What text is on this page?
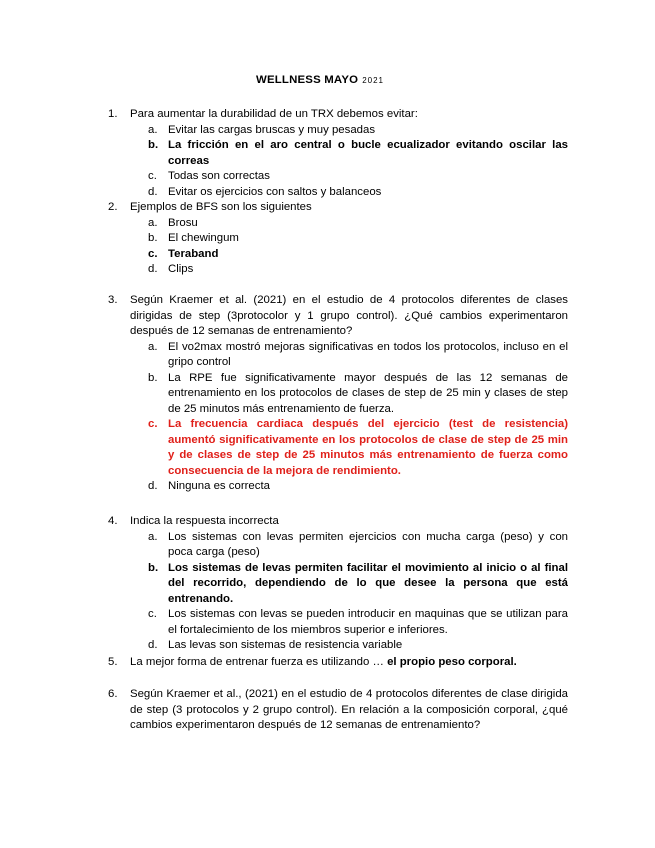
WELLNESS MAYO 2021
1. Para aumentar la durabilidad de un TRX debemos evitar:
a. Evitar las cargas bruscas y muy pesadas
b. La fricción en el aro central o bucle ecualizador evitando oscilar las correas
c. Todas son correctas
d. Evitar os ejercicios con saltos y balanceos
2. Ejemplos de BFS son los siguientes
a. Brosu
b. El chewingum
c. Teraband
d. Clips
3. Según Kraemer et al. (2021) en el estudio de 4 protocolos diferentes de clases dirigidas de step (3protocolor y 1 grupo control). ¿Qué cambios experimentaron después de 12 semanas de entrenamiento?
a. El vo2max mostró mejoras significativas en todos los protocolos, incluso en el gripo control
b. La RPE fue significativamente mayor después de las 12 semanas de entrenamiento en los protocolos de clases de step de 25 min y clases de step de 25 minutos más entrenamiento de fuerza.
c. La frecuencia cardiaca después del ejercicio (test de resistencia) aumentó significativamente en los protocolos de clase de step de 25 min y de clases de step de 25 minutos más entrenamiento de fuerza como consecuencia de la mejora de rendimiento.
d. Ninguna es correcta
4. Indica la respuesta incorrecta
a. Los sistemas con levas permiten ejercicios con mucha carga (peso) y con poca carga (peso)
b. Los sistemas de levas permiten facilitar el movimiento al inicio o al final del recorrido, dependiendo de lo que desee la persona que está entrenando.
c. Los sistemas con levas se pueden introducir en maquinas que se utilizan para el fortalecimiento de los miembros superior e inferiores.
d. Las levas son sistemas de resistencia variable
5. La mejor forma de entrenar fuerza es utilizando … el propio peso corporal.
6. Según Kraemer et al., (2021) en el estudio de 4 protocolos diferentes de clase dirigida de step (3 protocolos y 2 grupo control). En relación a la composición corporal, ¿qué cambios experimentaron después de 12 semanas de entrenamiento?
